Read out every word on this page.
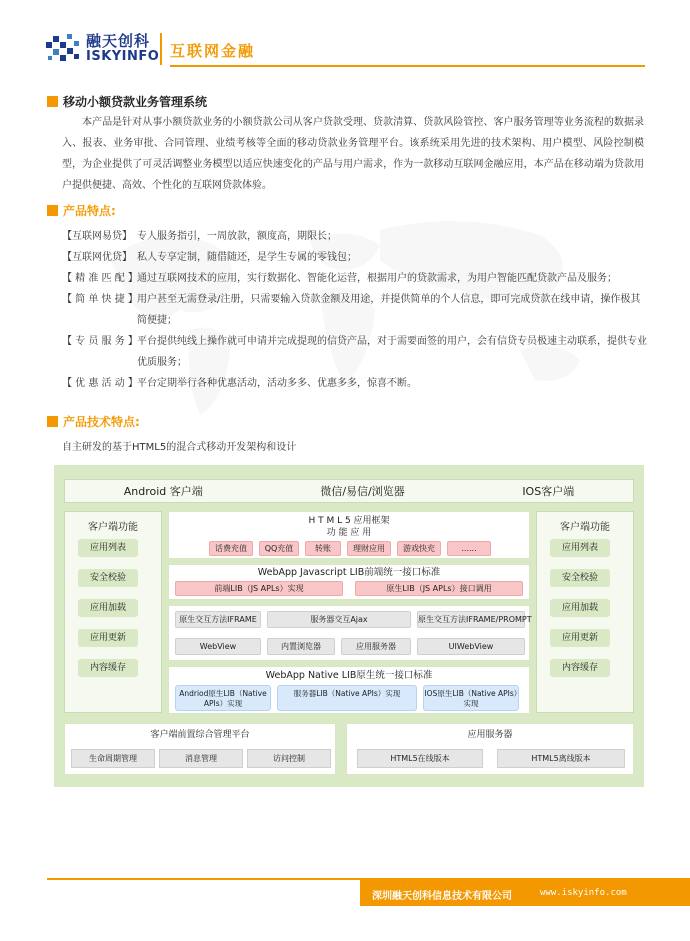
融天创科
ISKYINFO 互联网金融
移动小额贷款业务管理系统

本产品是针对从事小额贷款业务的小额贷款公司从客户贷款受理、贷款清算、贷款风险管控、客户服务管理等业务流程的数据录入、报表、业务审批、合同管理、业绩考核等全面的移动贷款业务管理平台。该系统采用先进的技术架构、用户模型、风险控制模型，为企业提供了可灵活调整业务模型以适应快速变化的产品与用户需求，作为一款移动互联网金融应用，本产品在移动端为贷款用户提供便捷、高效、个性化的互联网贷款体验。

产品特点:
【互联网易贷】 专人服务指引，一周放款，额度高，期限长；
【互联网优贷】 私人专享定制，随借随还，是学生专属的零钱包；
【 精 准 匹 配 】 通过互联网技术的应用，实行数据化、智能化运营，根据用户的贷款需求，为用户智能匹配贷款产品及服务；
【 简 单 快 捷 】 用户甚至无需登录/注册，只需要输入贷款金额及用途，并提供简单的个人信息，即可完成贷款在线申请，操作极其简便捷；
【 专 员 服 务 】 平台提供纯线上操作就可申请并完成提现的信贷产品，对于需要面签的用户，会有信贷专员极速主动联系，提供专业优质服务；
【 优 惠 活 动 】 平台定期举行各种优惠活动，活动多多、优惠多多，惊喜不断。
产品技术特点:
自主研发的基于HTML5的混合式移动开发架构和设计
Android 客户端	微信/易信/浏览器	IOS客户端
客户端功能
应用列表
安全校验
应用加载
应用更新
内容缓存
客户端功能
应用列表
安全校验
应用加载
应用更新
内容缓存
H T M L 5 应用框架
功 能 应 用
话费充值	QQ充值	转账	理财应用	游戏快充	......
WebApp Javascript LIB前端统一接口标准
前端LIB（JS APLs）实现	原生LIB（JS APLs）接口调用
原生交互方法IFRAME	服务器交互Ajax	原生交互方法IFRAME/PROMPT
WebView	内置浏览器	应用服务器	UIWebView
WebApp Native LIB原生统一接口标准
Andriod原生LIB（Native APIs）实现
服务器LIB（Native APIs）实现	IOS原生LIB（Native APIs）实现
客户端前置综合管理平台
生命周期管理	消息管理	访问控制
应用服务器
HTML5在线版本	HTML5离线版本
深圳融天创科信息技术有限公司	www.iskyinfo.com
